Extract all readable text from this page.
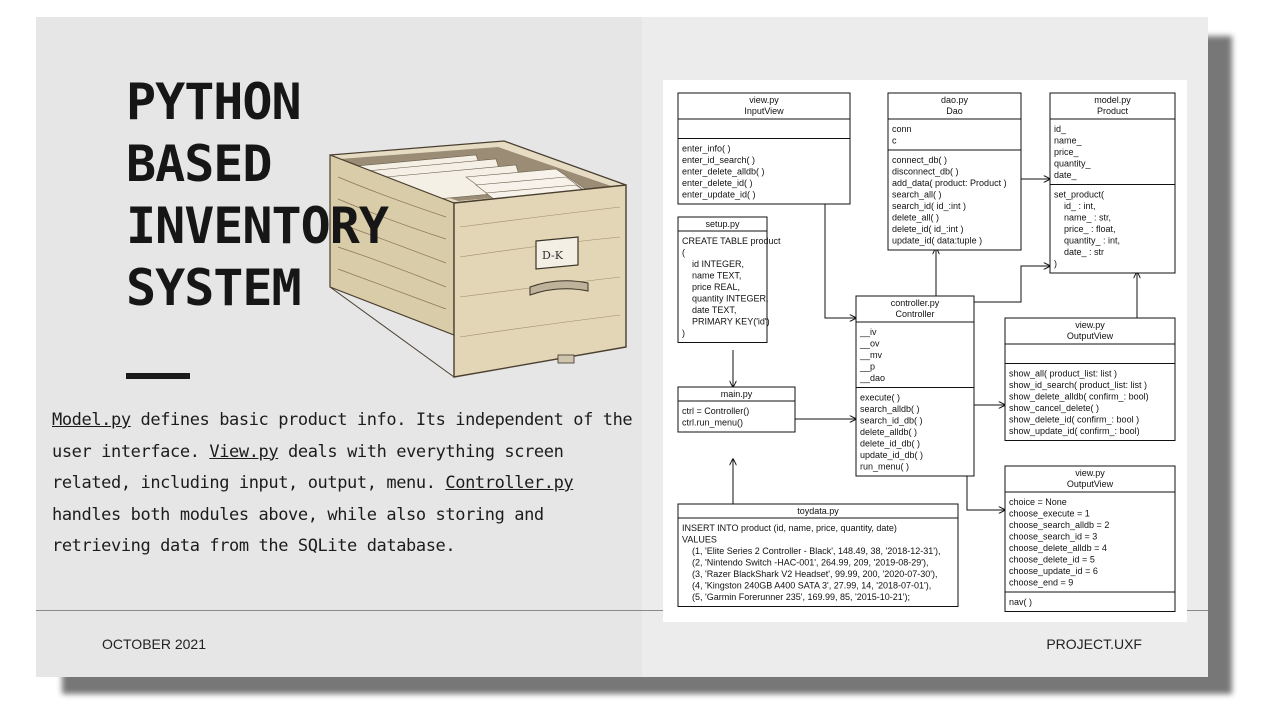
D-K
PYTHON
BASED
INVENTORY
SYSTEM

Model.py defines basic product info. Its independent of the user interface. View.py deals with everything screen related, including input, output, menu. Controller.py handles both modules above, while also storing and retrieving data from the SQLite database.

OCTOBER 2021	PROJECT.UXF
view.py
InputView
enter_info( )
enter_id_search( )
enter_delete_alldb( )
enter_delete_id( )
enter_update_id( )
dao.py
Dao
conn
c
connect_db( )
disconnect_db( )
add_data( product: Product )
search_all( )
search_id( id_:int )
delete_all( )
delete_id( id_:int )
update_id( data:tuple )
model.py
Product
id_
name_
price_
quantity_
date_
set_product(
id_ : int,
name_ : str,
price_ : float,
quantity_ : int,
date_ : str
)
setup.py
CREATE TABLE product
(
id INTEGER,
name TEXT,
price REAL,
quantity INTEGER,
date TEXT,
PRIMARY KEY('id')
)
controller.py
Controller
__iv
__ov
__mv
__p
__dao
execute( )
search_alldb( )
search_id_db( )
delete_alldb( )
delete_id_db( )
update_id_db( )
run_menu( )
view.py
OutputView
show_all( product_list: list )
show_id_search( product_list: list )
show_delete_alldb( confirm_: bool)
show_cancel_delete( )
show_delete_id( confirm_: bool )
show_update_id( confirm_: bool)
main.py
ctrl = Controller()
ctrl.run_menu()
view.py
OutputView
choice = None
choose_execute = 1
choose_search_alldb = 2
choose_search_id = 3
choose_delete_alldb = 4
choose_delete_id = 5
choose_update_id = 6
choose_end = 9
nav( )
toydata.py
INSERT INTO product (id, name, price, quantity, date)
VALUES
(1, 'Elite Series 2 Controller - Black', 148.49, 38, '2018-12-31'),
(2, 'Nintendo Switch -HAC-001', 264.99, 209, '2019-08-29'),
(3, 'Razer BlackShark V2 Headset', 99.99, 200, '2020-07-30'),
(4, 'Kingston 240GB A400 SATA 3', 27.99, 14, '2018-07-01'),
(5, 'Garmin Forerunner 235', 169.99, 85, '2015-10-21');
